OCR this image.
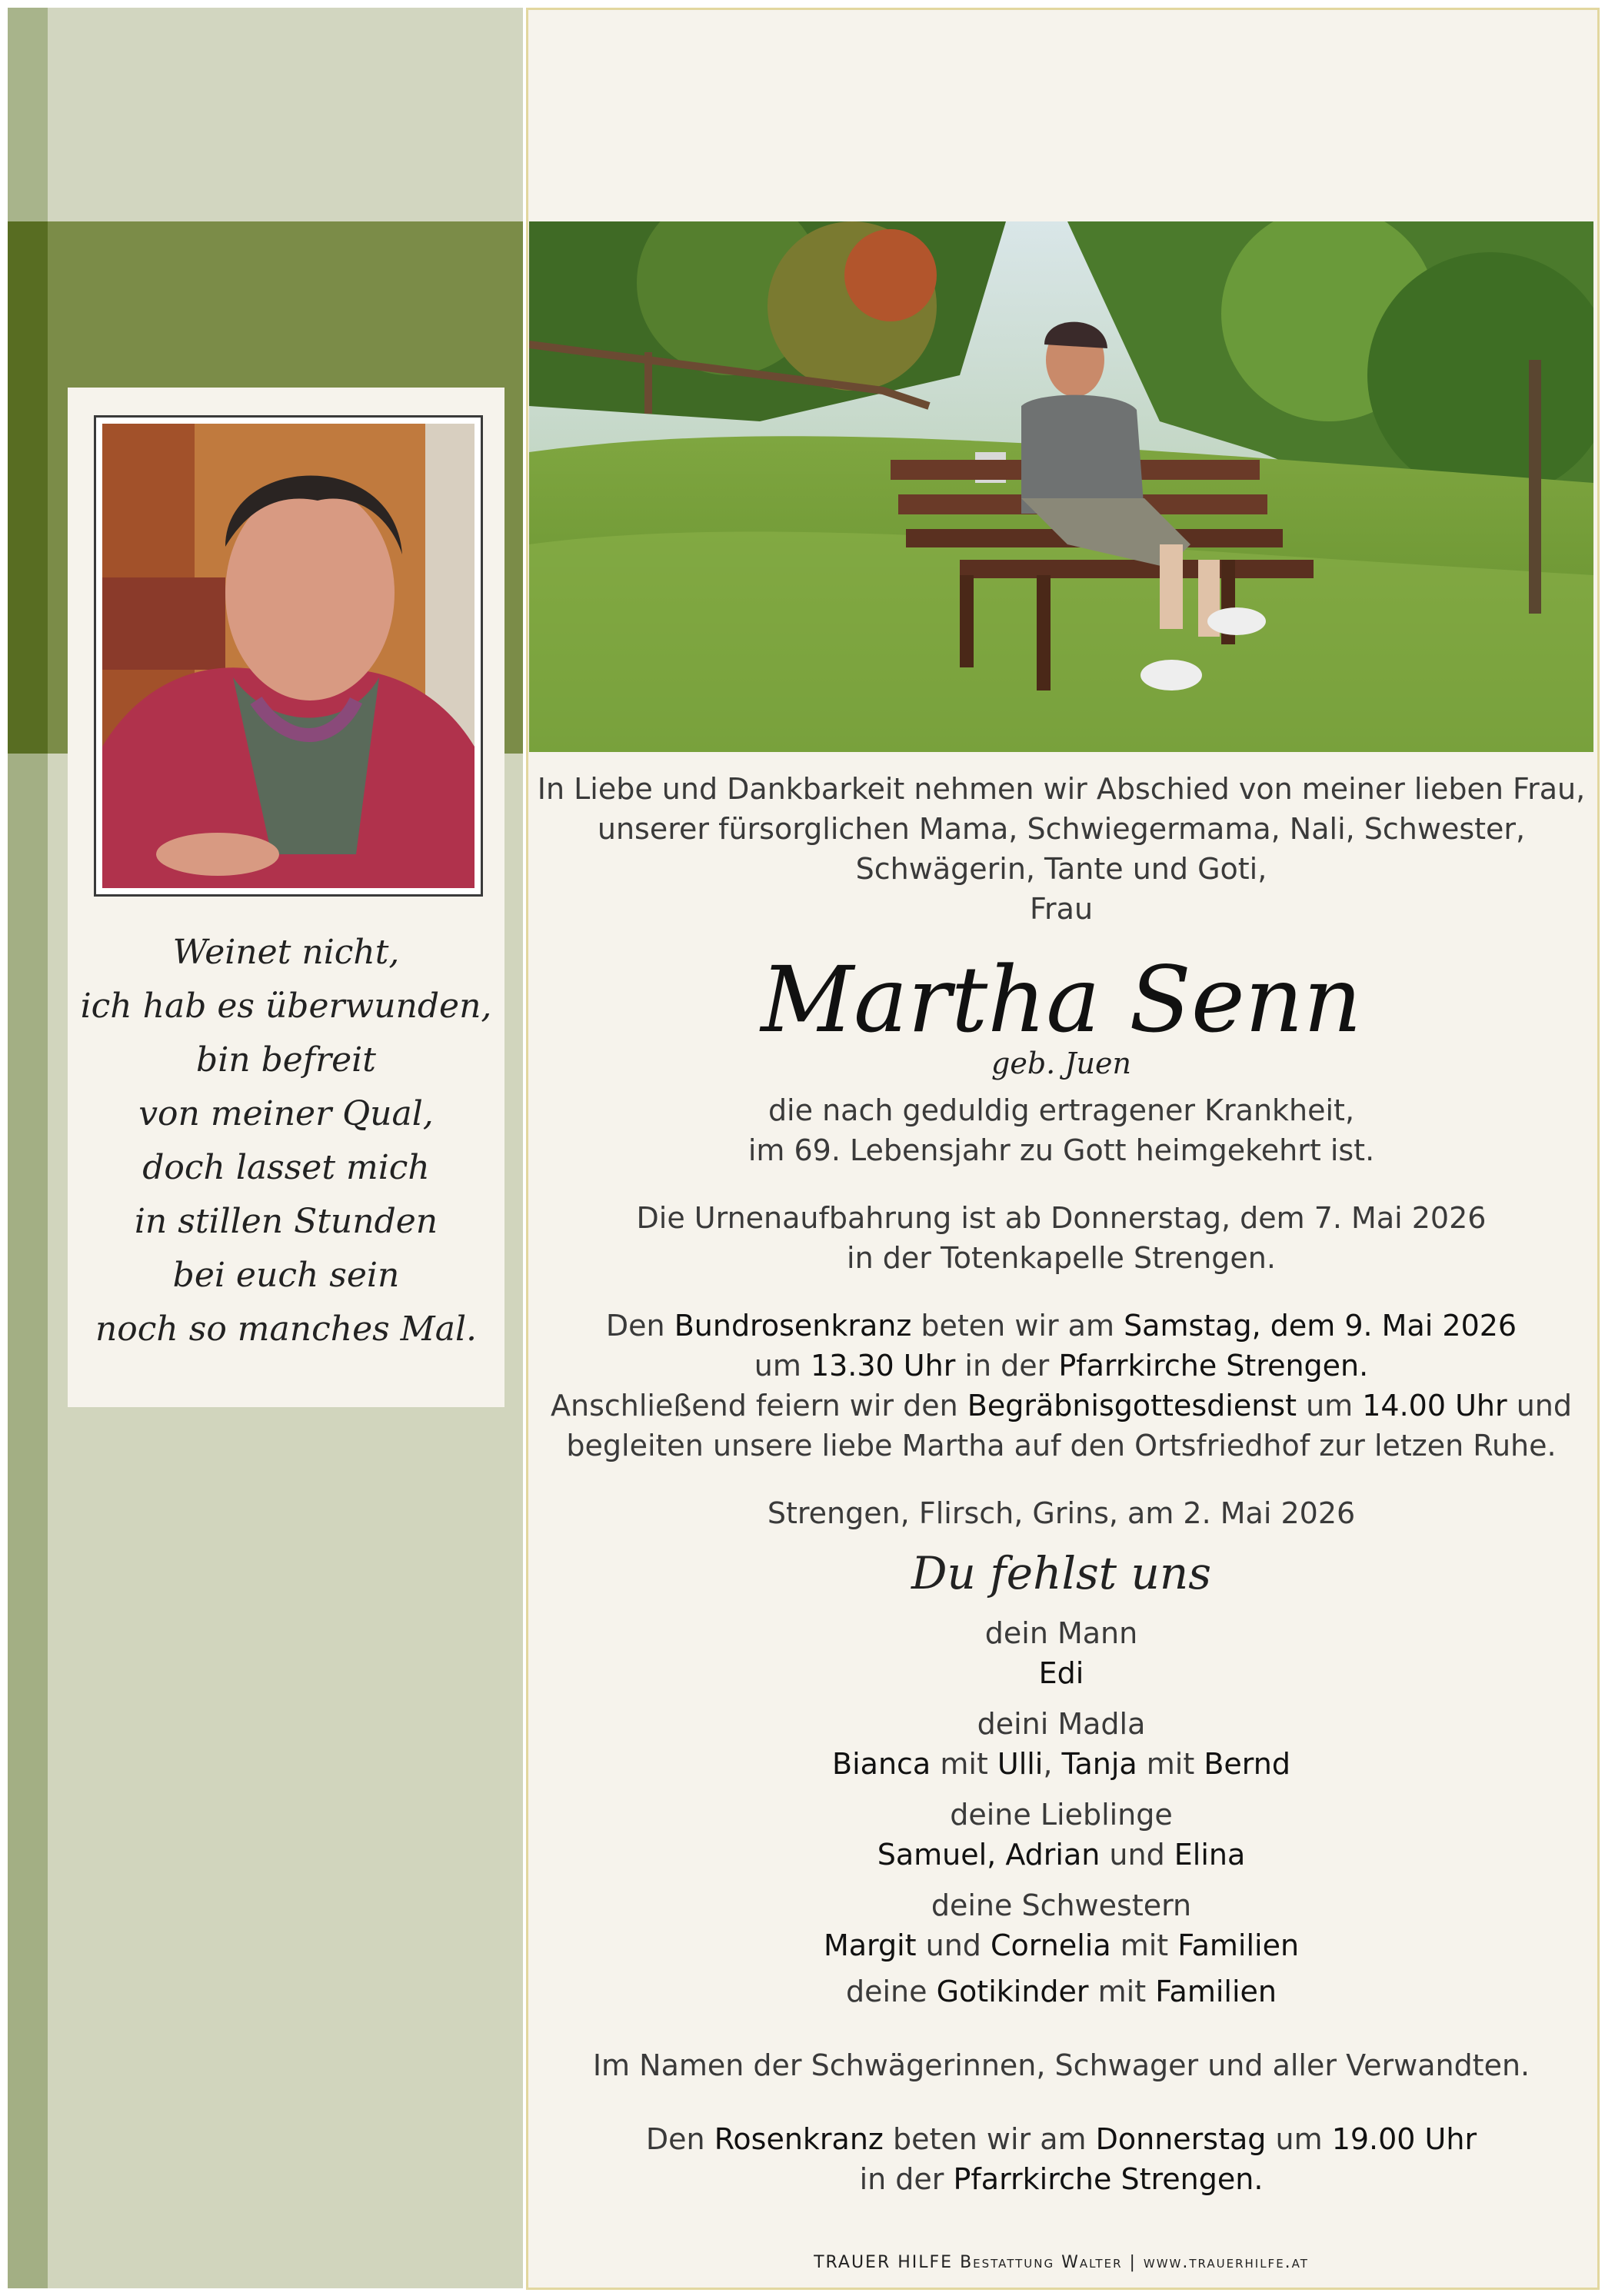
Weinet nicht,
ich hab es überwunden,
bin befreit
von meiner Qual,
doch lasset mich
in stillen Stunden
bei euch sein
noch so manches Mal.
In Liebe und Dankbarkeit nehmen wir Abschied von meiner lieben Frau,
unserer fürsorglichen Mama, Schwiegermama, Nali, Schwester,
Schwägerin, Tante und Goti,
Frau
Martha Senn
geb. Juen
die nach geduldig ertragener Krankheit,
im 69. Lebensjahr zu Gott heimgekehrt ist.
Die Urnenaufbahrung ist ab Donnerstag, dem 7. Mai 2026
in der Totenkapelle Strengen.
Den Bundrosenkranz beten wir am Samstag, dem 9. Mai 2026
um 13.30 Uhr in der Pfarrkirche Strengen.
Anschließend feiern wir den Begräbnisgottesdienst um 14.00 Uhr und
begleiten unsere liebe Martha auf den Ortsfriedhof zur letzen Ruhe.
Strengen, Flirsch, Grins, am 2. Mai 2026
Du fehlst uns
dein Mann
Edi
deini Madla
Bianca mit Ulli, Tanja mit Bernd
deine Lieblinge
Samuel, Adrian und Elina
deine Schwestern
Margit und Cornelia mit Familien
deine Gotikinder mit Familien
Im Namen der Schwägerinnen, Schwager und aller Verwandten.
Den Rosenkranz beten wir am Donnerstag um 19.00 Uhr
in der Pfarrkirche Strengen.
TRAUER HILFE Bestattung Walter | www.trauerhilfe.at
